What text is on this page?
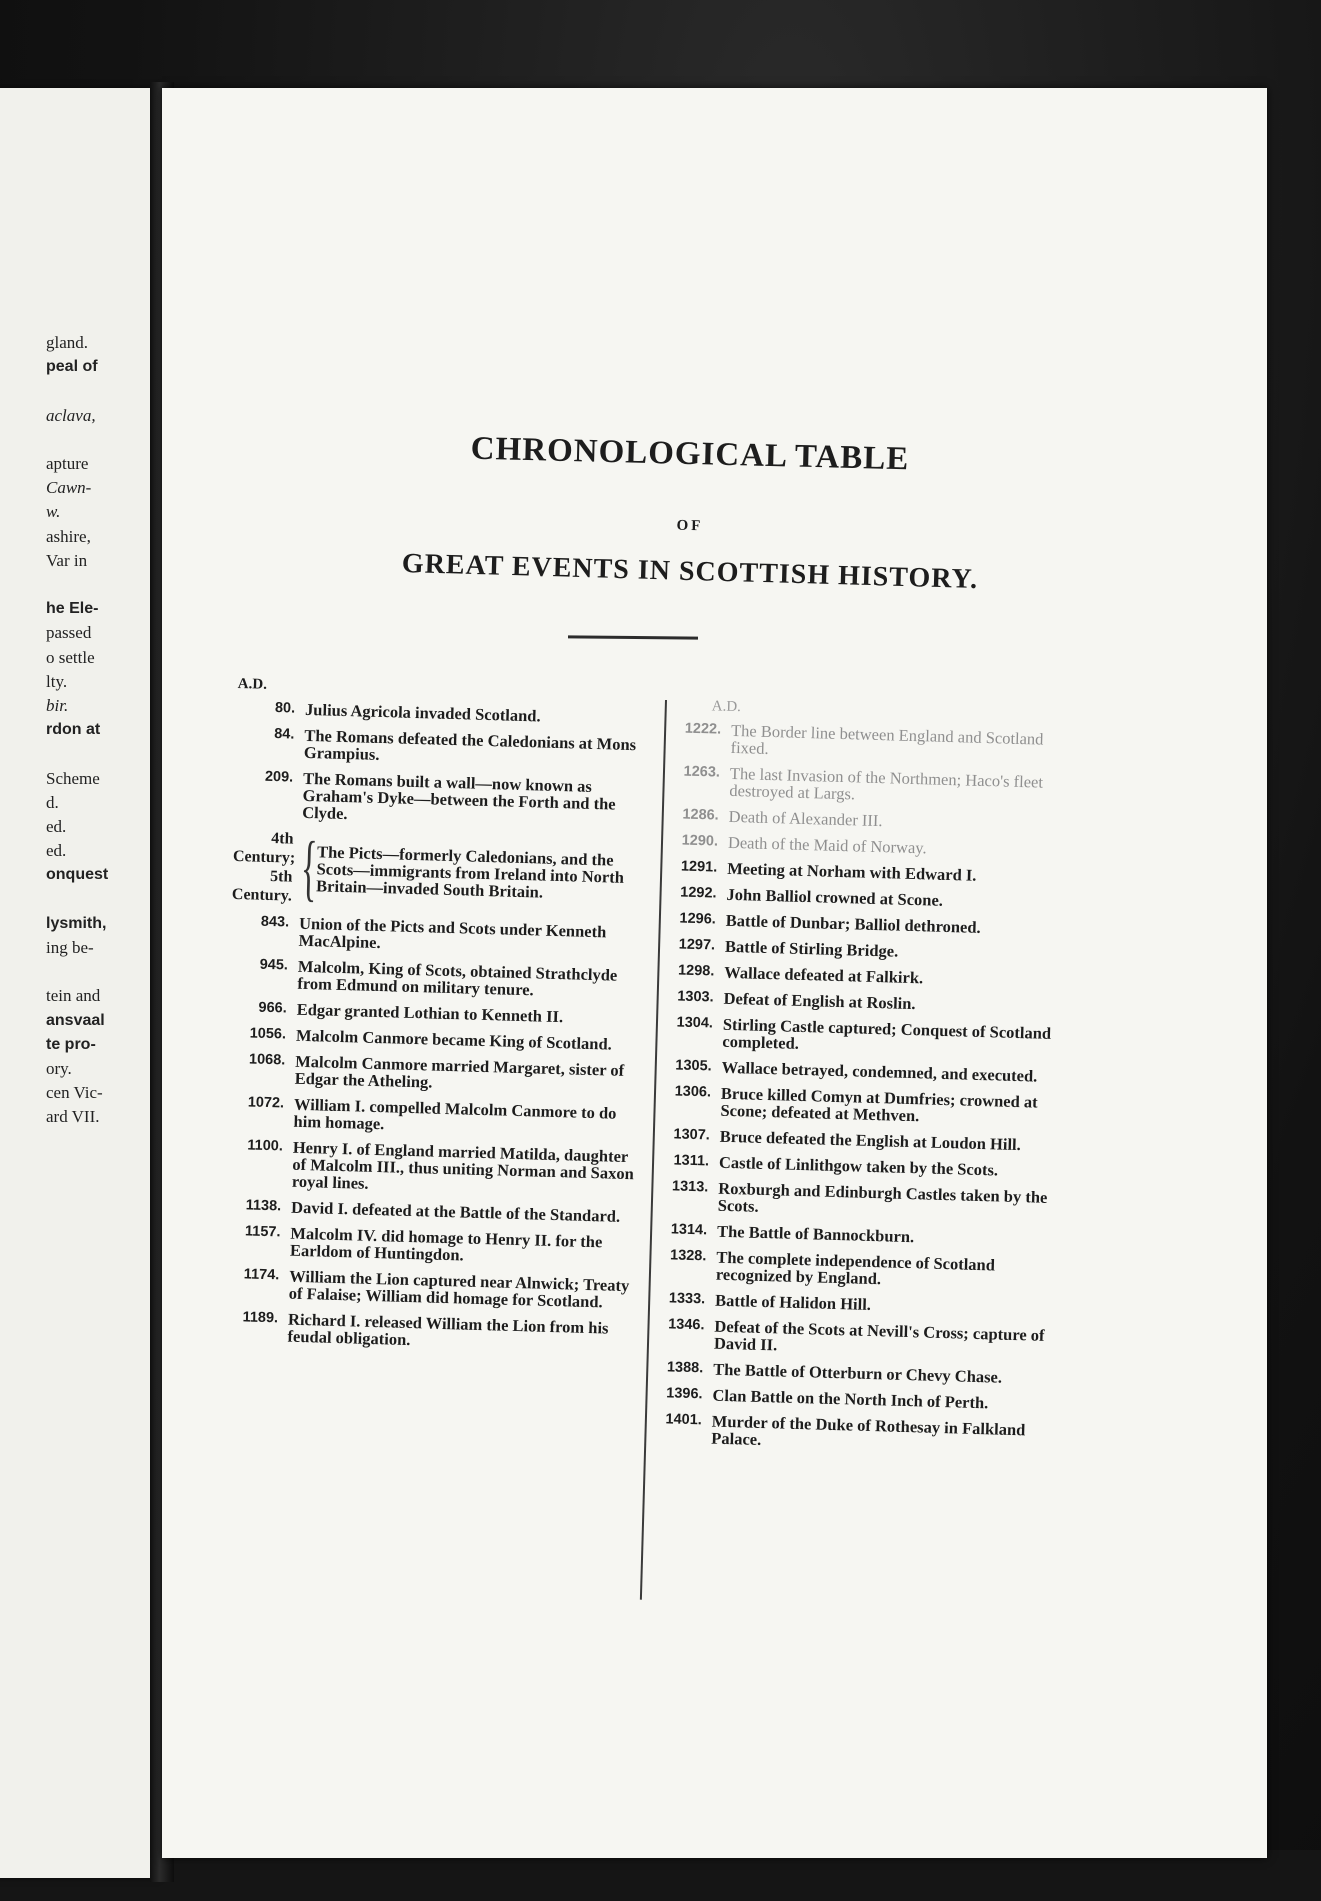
gland.
peal of
aclava,
apture
Cawn-
w.
ashire,
Var in
he Ele-
passed
o settle
lty.
bir.
rdon at
Scheme
d.
ed.
ed.
onquest
lysmith,
ing be-
tein and
ansvaal
te pro-
ory.
cen Vic-
ard VII.
CHRONOLOGICAL TABLE
OF
GREAT EVENTS IN SCOTTISH HISTORY.
A.D.
80. Julius Agricola invaded Scotland.
84. The Romans defeated the Caledonians at Mons Grampius.
209. The Romans built a wall—now known as Graham's Dyke—between the Forth and the Clyde.
4th Century;
5th Century. {
The Picts—formerly Caledonians, and the Scots—immigrants from Ireland into North Britain—invaded South Britain.
843. Union of the Picts and Scots under Kenneth MacAlpine.
945. Malcolm, King of Scots, obtained Strathclyde from Edmund on military tenure.
966. Edgar granted Lothian to Kenneth II.
1056. Malcolm Canmore became King of Scotland.
1068. Malcolm Canmore married Margaret, sister of Edgar the Atheling.
1072. William I. compelled Malcolm Canmore to do him homage.
1100. Henry I. of England married Matilda, daughter of Malcolm III., thus uniting Norman and Saxon royal lines.
1138. David I. defeated at the Battle of the Standard.
1157. Malcolm IV. did homage to Henry II. for the Earldom of Huntingdon.
1174. William the Lion captured near Alnwick; Treaty of Falaise; William did homage for Scotland.
1189. Richard I. released William the Lion from his feudal obligation.
A.D.
1222. The Border line between England and Scotland fixed.
1263. The last Invasion of the Northmen; Haco's fleet destroyed at Largs.
1286. Death of Alexander III.
1290. Death of the Maid of Norway.
1291. Meeting at Norham with Edward I.
1292. John Balliol crowned at Scone.
1296. Battle of Dunbar; Balliol dethroned.
1297. Battle of Stirling Bridge.
1298. Wallace defeated at Falkirk.
1303. Defeat of English at Roslin.
1304. Stirling Castle captured; Conquest of Scotland completed.
1305. Wallace betrayed, condemned, and executed.
1306. Bruce killed Comyn at Dumfries; crowned at Scone; defeated at Methven.
1307. Bruce defeated the English at Loudon Hill.
1311. Castle of Linlithgow taken by the Scots.
1313. Roxburgh and Edinburgh Castles taken by the Scots.
1314. The Battle of Bannockburn.
1328. The complete independence of Scotland recognized by England.
1333. Battle of Halidon Hill.
1346. Defeat of the Scots at Nevill's Cross; capture of David II.
1388. The Battle of Otterburn or Chevy Chase.
1396. Clan Battle on the North Inch of Perth.
1401. Murder of the Duke of Rothesay in Falkland Palace.
